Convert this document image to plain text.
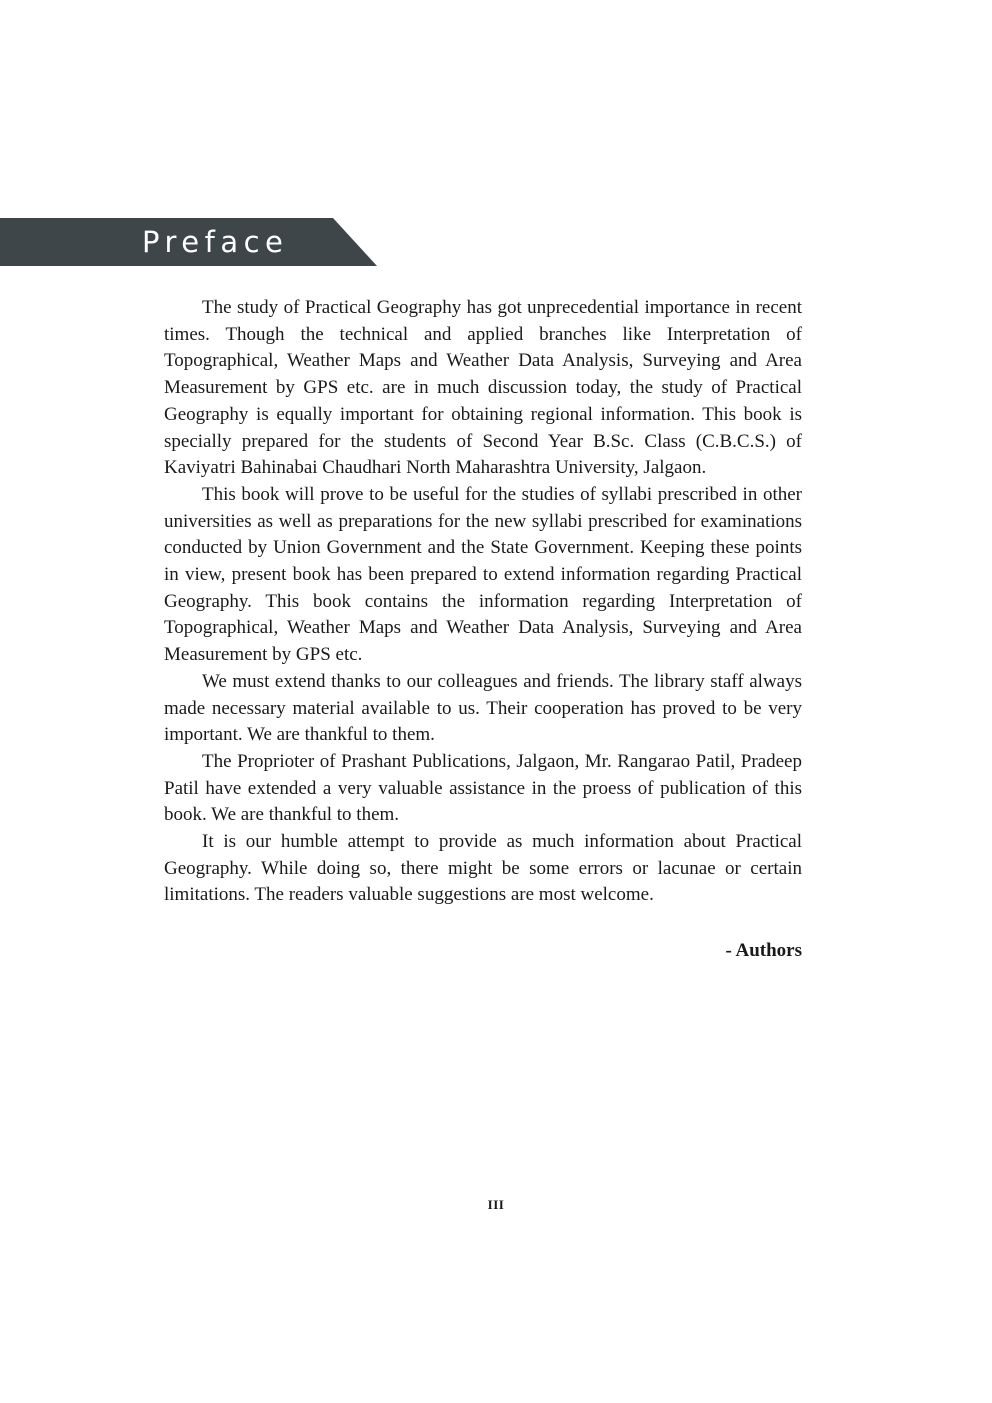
Preface

The study of Practical Geography has got unprecedential importance in recent times. Though the technical and applied branches like Interpretation of Topographical, Weather Maps and Weather Data Analysis, Surveying and Area Measurement by GPS etc. are in much discussion today, the study of Practical Geography is equally important for obtaining regional information. This book is specially prepared for the students of Second Year B.Sc. Class (C.B.C.S.) of Kaviyatri Bahinabai Chaudhari North Maharashtra University, Jalgaon.

This book will prove to be useful for the studies of syllabi prescribed in other universities as well as preparations for the new syllabi prescribed for examinations conducted by Union Government and the State Government. Keeping these points in view, present book has been prepared to extend information regarding Practical Geography. This book contains the information regarding Interpretation of Topographical, Weather Maps and Weather Data Analysis, Surveying and Area Measurement by GPS etc.

We must extend thanks to our colleagues and friends. The library staff always made necessary material available to us. Their cooperation has proved to be very important. We are thankful to them.

The Proprioter of Prashant Publications, Jalgaon, Mr. Rangarao Patil, Pradeep Patil have extended a very valuable assistance in the proess of publication of this book. We are thankful to them.

It is our humble attempt to provide as much information about Practical Geography. While doing so, there might be some errors or lacunae or certain limitations. The readers valuable suggestions are most welcome.

- Authors
III
